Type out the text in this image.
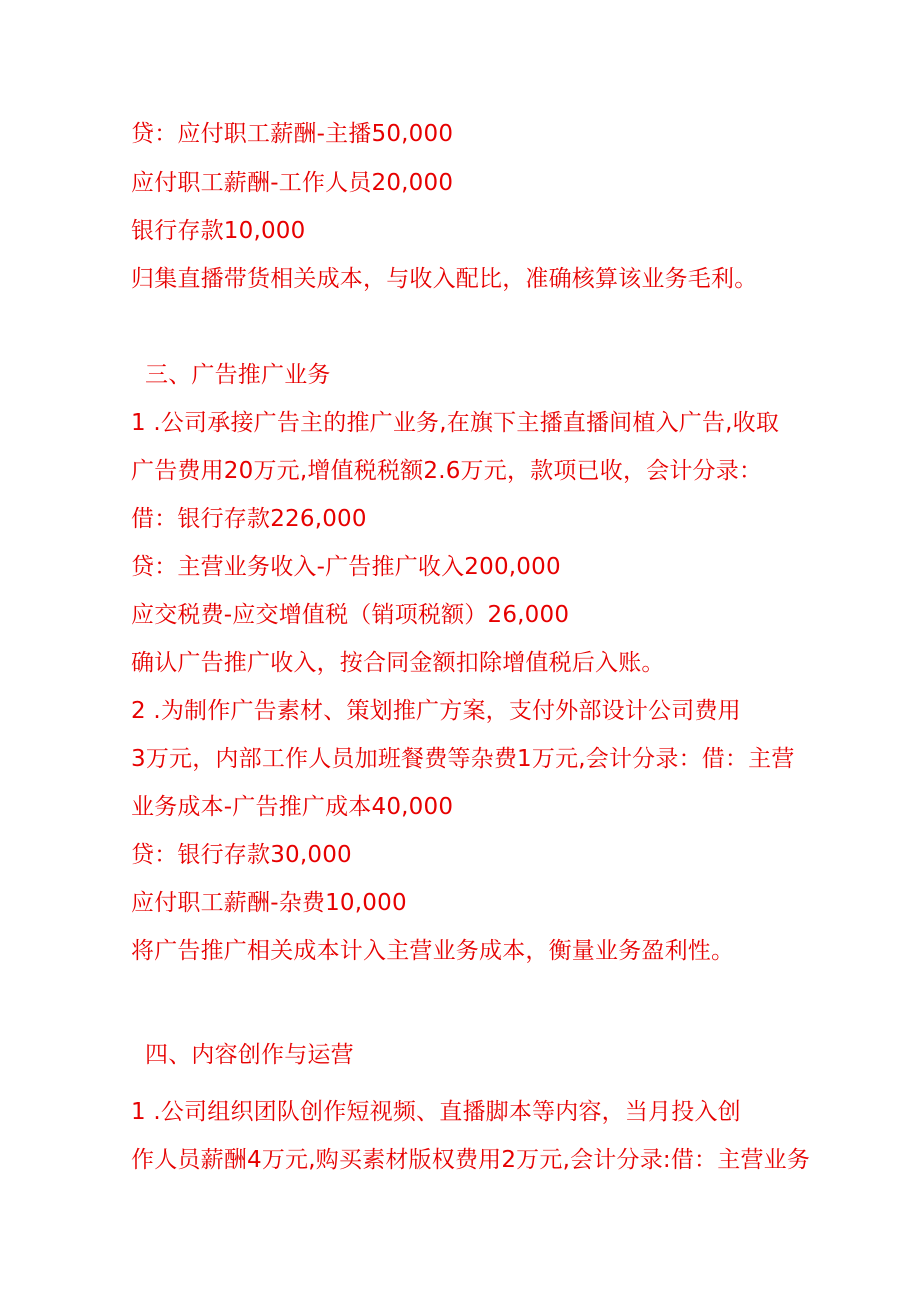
贷：应付职工薪酬-主播50,000
应付职工薪酬-工作人员20,000
银行存款10,000
归集直播带货相关成本，与收入配比，准确核算该业务毛利。
三、广告推广业务
1 .公司承接广告主的推广业务,在旗下主播直播间植入广告,收取
广告费用20万元,增值税税额2.6万元，款项已收，会计分录：
借：银行存款226,000
贷：主营业务收入-广告推广收入200,000
应交税费-应交增值税（销项税额）26,000
确认广告推广收入，按合同金额扣除增值税后入账。
2 .为制作广告素材、策划推广方案，支付外部设计公司费用
3万元，内部工作人员加班餐费等杂费1万元,会计分录：借：主营
业务成本-广告推广成本40,000
贷：银行存款30,000
应付职工薪酬-杂费10,000
将广告推广相关成本计入主营业务成本，衡量业务盈利性。
四、内容创作与运营
1 .公司组织团队创作短视频、直播脚本等内容，当月投入创
作人员薪酬4万元,购买素材版权费用2万元,会计分录:借：主营业务
